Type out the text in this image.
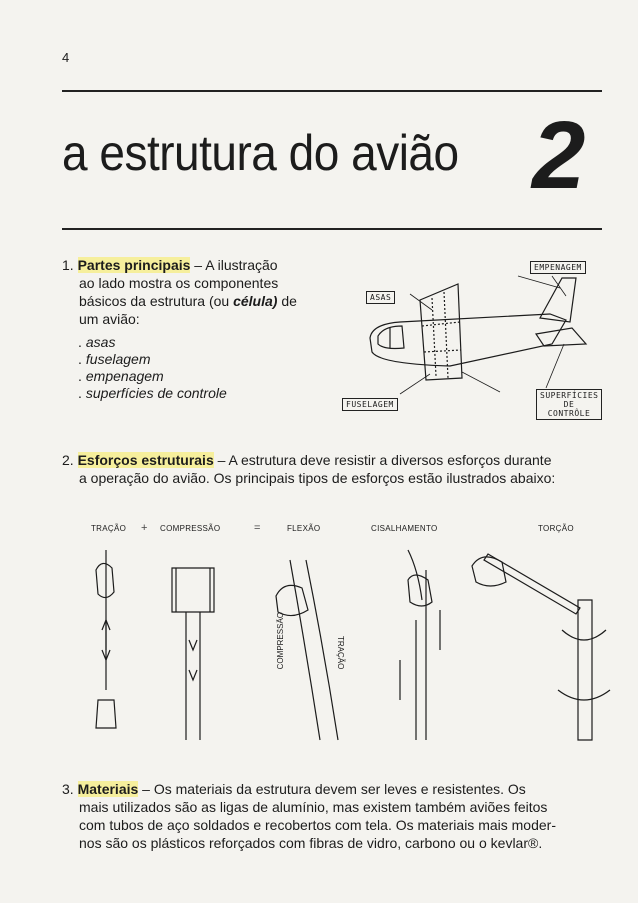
4
a estrutura do avião 2
1. Partes principais – A ilustração
ao lado mostra os componentes
básicos da estrutura (ou célula) de
um avião:
. asas
. fuselagem
. empenagem
. superfícies de controle
EMPENAGEM
ASAS
FUSELAGEM
SUPERFÍCIES DE CONTRÔLE
2. Esforços estruturais – A estrutura deve resistir a diversos esforços durante
a operação do avião. Os principais tipos de esforços estão ilustrados abaixo:
TRAÇÃO + COMPRESSÃO	=	FLEXÃO	CISALHAMENTO	TORÇÃO
COMPRESSÃO	TRAÇÃO
3. Materiais – Os materiais da estrutura devem ser leves e resistentes. Os
mais utilizados são as ligas de alumínio, mas existem também aviões feitos
com tubos de aço soldados e recobertos com tela. Os materiais mais moder-
nos são os plásticos reforçados com fibras de vidro, carbono ou o kevlar®.
